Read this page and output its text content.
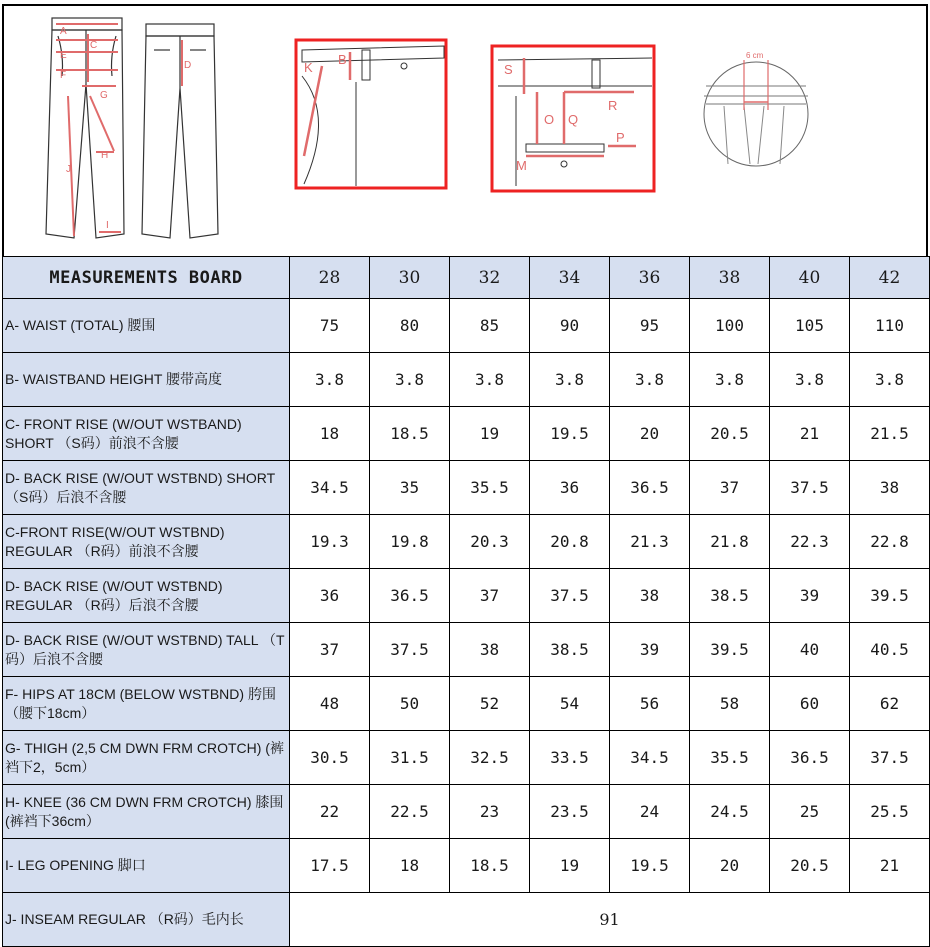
A
E
C
F
G
H
J
I
D	K
B
S
R
O Q
P
M
6 cm
MEASUREMENTS BOARD	28	30	32	34	36	38	40	42
A- WAIST (TOTAL) 腰围	75	80	85	90	95	100	105	110
B- WAISTBAND HEIGHT 腰带高度	3.8	3.8	3.8	3.8	3.8	3.8	3.8	3.8
C- FRONT RISE (W/OUT WSTBAND) SHORT （S码）前浪不含腰	18	18.5	19	19.5	20	20.5	21	21.5
D- BACK RISE (W/OUT WSTBND) SHORT （S码）后浪不含腰	34.5	35	35.5	36	36.5	37	37.5	38
C-FRONT RISE(W/OUT WSTBND) REGULAR （R码）前浪不含腰	19.3	19.8	20.3	20.8	21.3	21.8	22.3	22.8
D- BACK RISE (W/OUT WSTBND) REGULAR （R码）后浪不含腰	36	36.5	37	37.5	38	38.5	39	39.5
D- BACK RISE (W/OUT WSTBND) TALL （T码）后浪不含腰	37	37.5	38	38.5	39	39.5	40	40.5
F- HIPS AT 18CM (BELOW WSTBND) 胯围（腰下18cm）	48	50	52	54	56	58	60	62
G- THIGH (2,5 CM DWN FRM CROTCH) (裤裆下2，5cm）	30.5	31.5	32.5	33.5	34.5	35.5	36.5	37.5
H- KNEE (36 CM DWN FRM CROTCH) 膝围(裤裆下36cm）	22	22.5	23	23.5	24	24.5	25	25.5
I- LEG OPENING 脚口	17.5	18	18.5	19	19.5	20	20.5	21
J- INSEAM REGULAR （R码）毛内长	91							
